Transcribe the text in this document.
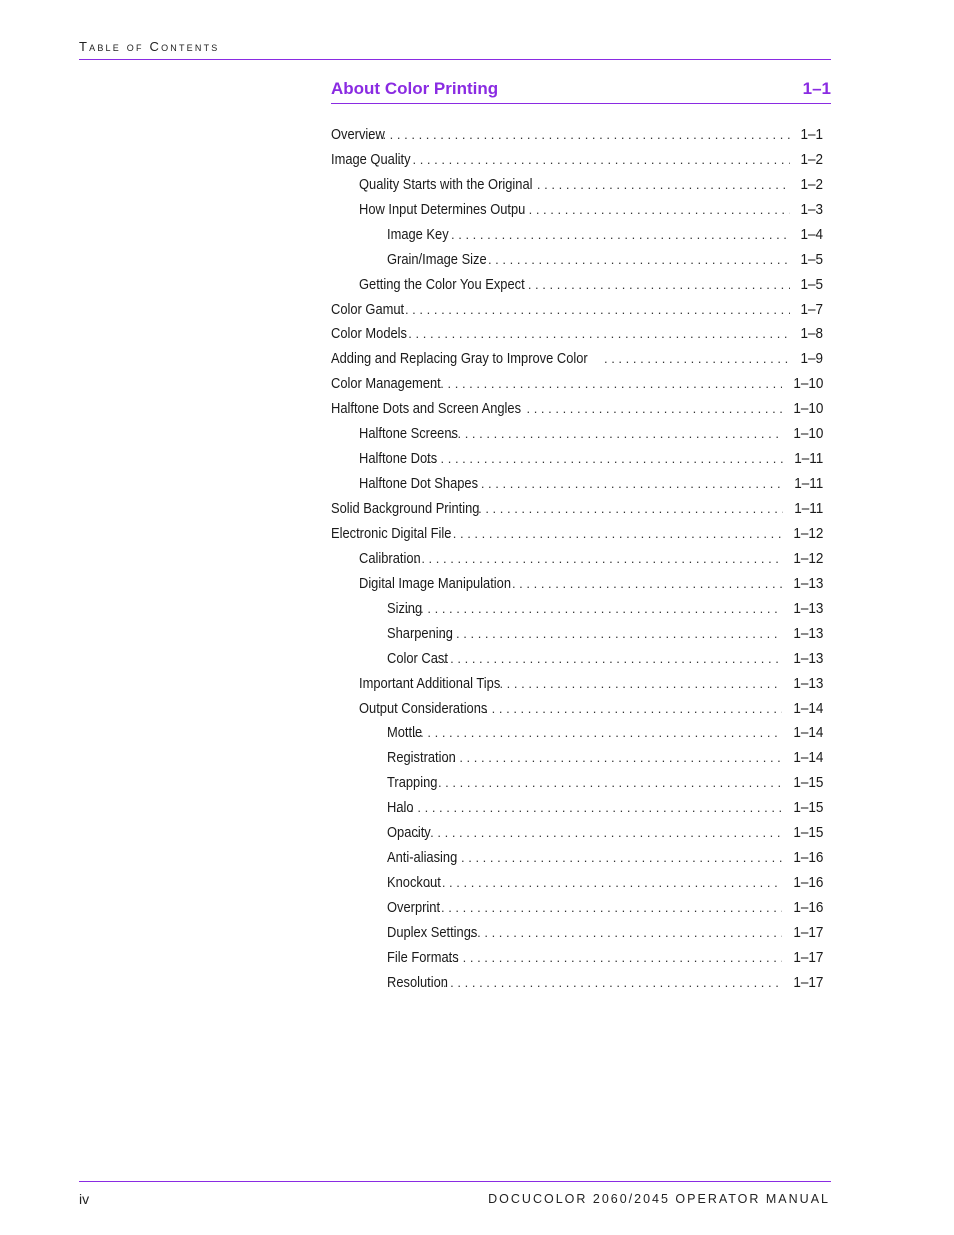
Table of Contents
About Color Printing	1–1
Overview . . .	1–1
Image Quality . . .	1–2
Quality Starts with the Original . . .	1–2
How Input Determines Outpu . . .	1–3
Image Key . . .	1–4
Grain/Image Size . . .	1–5
Getting the Color You Expect . . .	1–5
Color Gamut . . .	1–7
Color Models . . .	1–8
Adding and Replacing Gray to Improve Color . . .	1–9
Color Management . . .	1–10
Halftone Dots and Screen Angles . . .	1–10
Halftone Screens . . .	1–10
Halftone Dots . . .	1–11
Halftone Dot Shapes . . .	1–11
Solid Background Printing . . .	1–11
Electronic Digital File . . .	1–12
Calibration . . .	1–12
Digital Image Manipulation . . .	1–13
Sizing . . .	1–13
Sharpening . . .	1–13
Color Cast . . .	1–13
Important Additional Tips . . .	1–13
Output Considerations . . .	1–14
Mottle . . .	1–14
Registration . . .	1–14
Trapping . . .	1–15
Halo . . .	1–15
Opacity . . .	1–15
Anti-aliasing . . .	1–16
Knockout . . .	1–16
Overprint . . .	1–16
Duplex Settings . . .	1–17
File Formats . . .	1–17
Resolution . . .	1–17
iv	DOCUCOLOR 2060/2045 OPERATOR MANUAL
